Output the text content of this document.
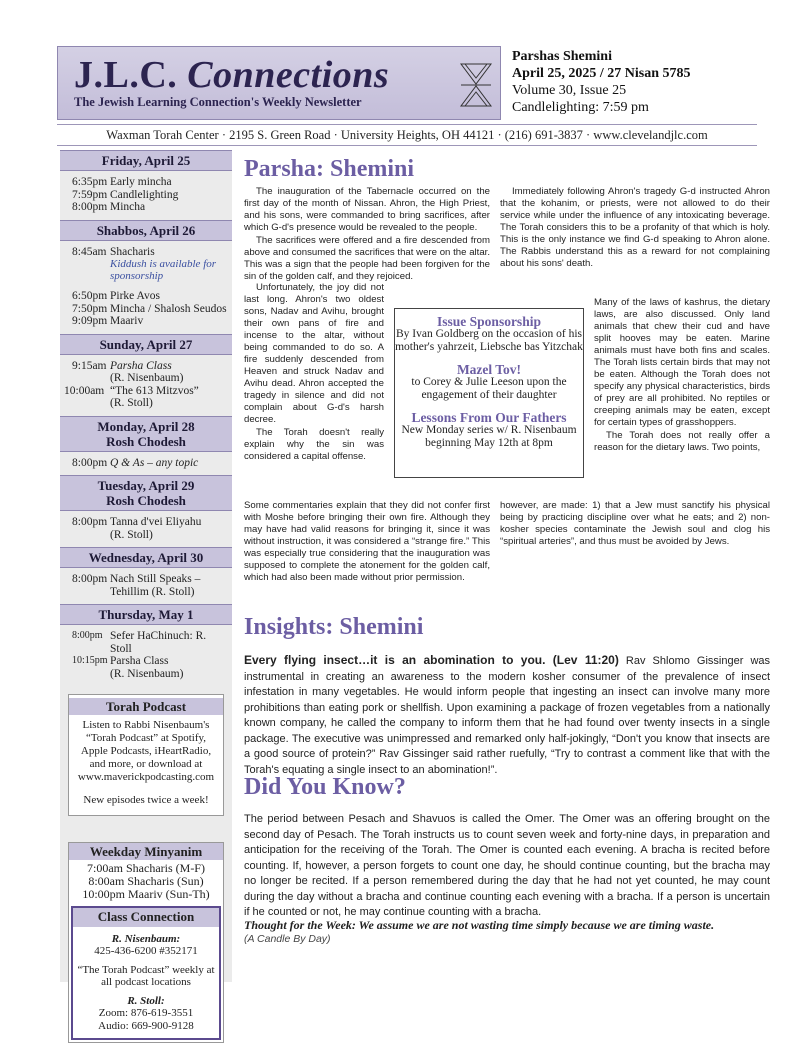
J.L.C. Connections
The Jewish Learning Connection's Weekly Newsletter
Parshas Shemini
April 25, 2025 / 27 Nisan 5785
Volume 30, Issue 25
Candlelighting: 7:59 pm
Waxman Torah Center · 2195 S. Green Road · University Heights, OH 44121 · (216) 691-3837 · www.clevelandjlc.com
Friday, April 25
6:35pm Early mincha
7:59pm Candlelighting
8:00pm Mincha
Shabbos, April 26
8:45am Shacharis
Kiddush is available for sponsorship
6:50pm Pirke Avos
7:50pm Mincha / Shalosh Seudos
9:09pm Maariv
Sunday, April 27
9:15am Parsha Class
(R. Nisenbaum)
10:00am “The 613 Mitzvos”
(R. Stoll)
Monday, April 28
Rosh Chodesh
8:00pm Q & As – any topic
Tuesday, April 29
Rosh Chodesh
8:00pm Tanna d'vei Eliyahu
(R. Stoll)
Wednesday, April 30
8:00pm Nach Still Speaks –
Tehillim (R. Stoll)
Thursday, May 1
8:00pm Sefer HaChinuch: R. Stoll
10:15pm Parsha Class
(R. Nisenbaum)
Torah Podcast
Listen to Rabbi Nisenbaum's “Torah Podcast” at Spotify, Apple Podcasts, iHeartRadio, and more, or download at www.maverickpodcasting.com
New episodes twice a week!
Weekday Minyanim
7:00am Shacharis (M-F)
8:00am Shacharis (Sun)
10:00pm Maariv (Sun-Th)
Class Connection
R. Nisenbaum:
425-436-6200 #352171
“The Torah Podcast” weekly at all podcast locations
R. Stoll:
Zoom: 876-619-3551
Audio: 669-900-9128
Parsha: Shemini

The inauguration of the Tabernacle occurred on the first day of the month of Nissan. Ahron, the High Priest, and his sons, were commanded to bring sacrifices, after which G-d's presence would be revealed to the people.

The sacrifices were offered and a fire descended from above and consumed the sacrifices that were on the altar. This was a sign that the people had been forgiven for the sin of the golden calf, and they rejoiced.

Unfortunately, the joy did not last long. Ahron's two oldest sons, Nadav and Avihu, brought their own pans of fire and incense to the altar, without being commanded to do so. A fire suddenly descended from Heaven and struck Nadav and Avihu dead. Ahron accepted the tragedy in silence and did not complain about G-d's harsh decree.

The Torah doesn't really explain why the sin was considered a capital offense.

Some commentaries explain that they did not confer first with Moshe before bringing their own fire. Although they may have had valid reasons for bringing it, since it was without instruction, it was considered a “strange fire.” This was especially true considering that the inauguration was supposed to complete the atonement for the golden calf, which had also been made without prior permission.

Immediately following Ahron's tragedy G-d instructed Ahron that the kohanim, or priests, were not allowed to do their service while under the influence of any intoxicating beverage. The Torah considers this to be a profanity of that which is holy. This is the only instance we find G-d speaking to Ahron alone. The Rabbis understand this as a reward for not complaining about his sons' death.

Many of the laws of kashrus, the dietary laws, are also discussed. Only land animals that chew their cud and have split hooves may be eaten. Marine animals must have both fins and scales. The Torah lists certain birds that may not be eaten. Although the Torah does not specify any physical characteristics, birds of prey are all prohibited. No reptiles or creeping animals may be eaten, except for certain types of grasshoppers.

The Torah does not really offer a reason for the dietary laws. Two points,

however, are made: 1) that a Jew must sanctify his physical being by practicing discipline over what he eats; and 2) non-kosher species contaminate the Jewish soul and clog his “spiritual arteries”, and thus must be avoided by Jews.

Issue Sponsorship
By Ivan Goldberg on the occasion of his mother's yahrzeit, Liebsche bas Yitzchak
Mazel Tov!
to Corey & Julie Leeson upon the engagement of their daughter
Lessons From Our Fathers
New Monday series w/ R. Nisenbaum beginning May 12th at 8pm
Insights: Shemini
Every flying insect…it is an abomination to you. (Lev 11:20) Rav Shlomo Gissinger was instrumental in creating an awareness to the modern kosher consumer of the prevalence of insect infestation in many vegetables. He would inform people that ingesting an insect can involve many more prohibitions than eating pork or shellfish. Upon examining a package of frozen vegetables from a nationally known company, he called the company to inform them that he had found over twenty insects in a single package. The executive was unimpressed and remarked only half-jokingly, “Don't you know that insects are a good source of protein?” Rav Gissinger said rather ruefully, “Try to contrast a comment like that with the Torah's equating a single insect to an abomination!”.
Did You Know?
The period between Pesach and Shavuos is called the Omer. The Omer was an offering brought on the second day of Pesach. The Torah instructs us to count seven week and forty-nine days, in preparation and anticipation for the receiving of the Torah. The Omer is counted each evening. A bracha is recited before counting. If, however, a person forgets to count one day, he should continue counting, but the bracha may no longer be recited. If a person remembered during the day that he had not yet counted, he may count during the day without a bracha and continue counting each evening with a bracha. If a person is uncertain if he counted or not, he may continue counting with a bracha.
Thought for the Week: We assume we are not wasting time simply because we are timing waste.
(A Candle By Day)
